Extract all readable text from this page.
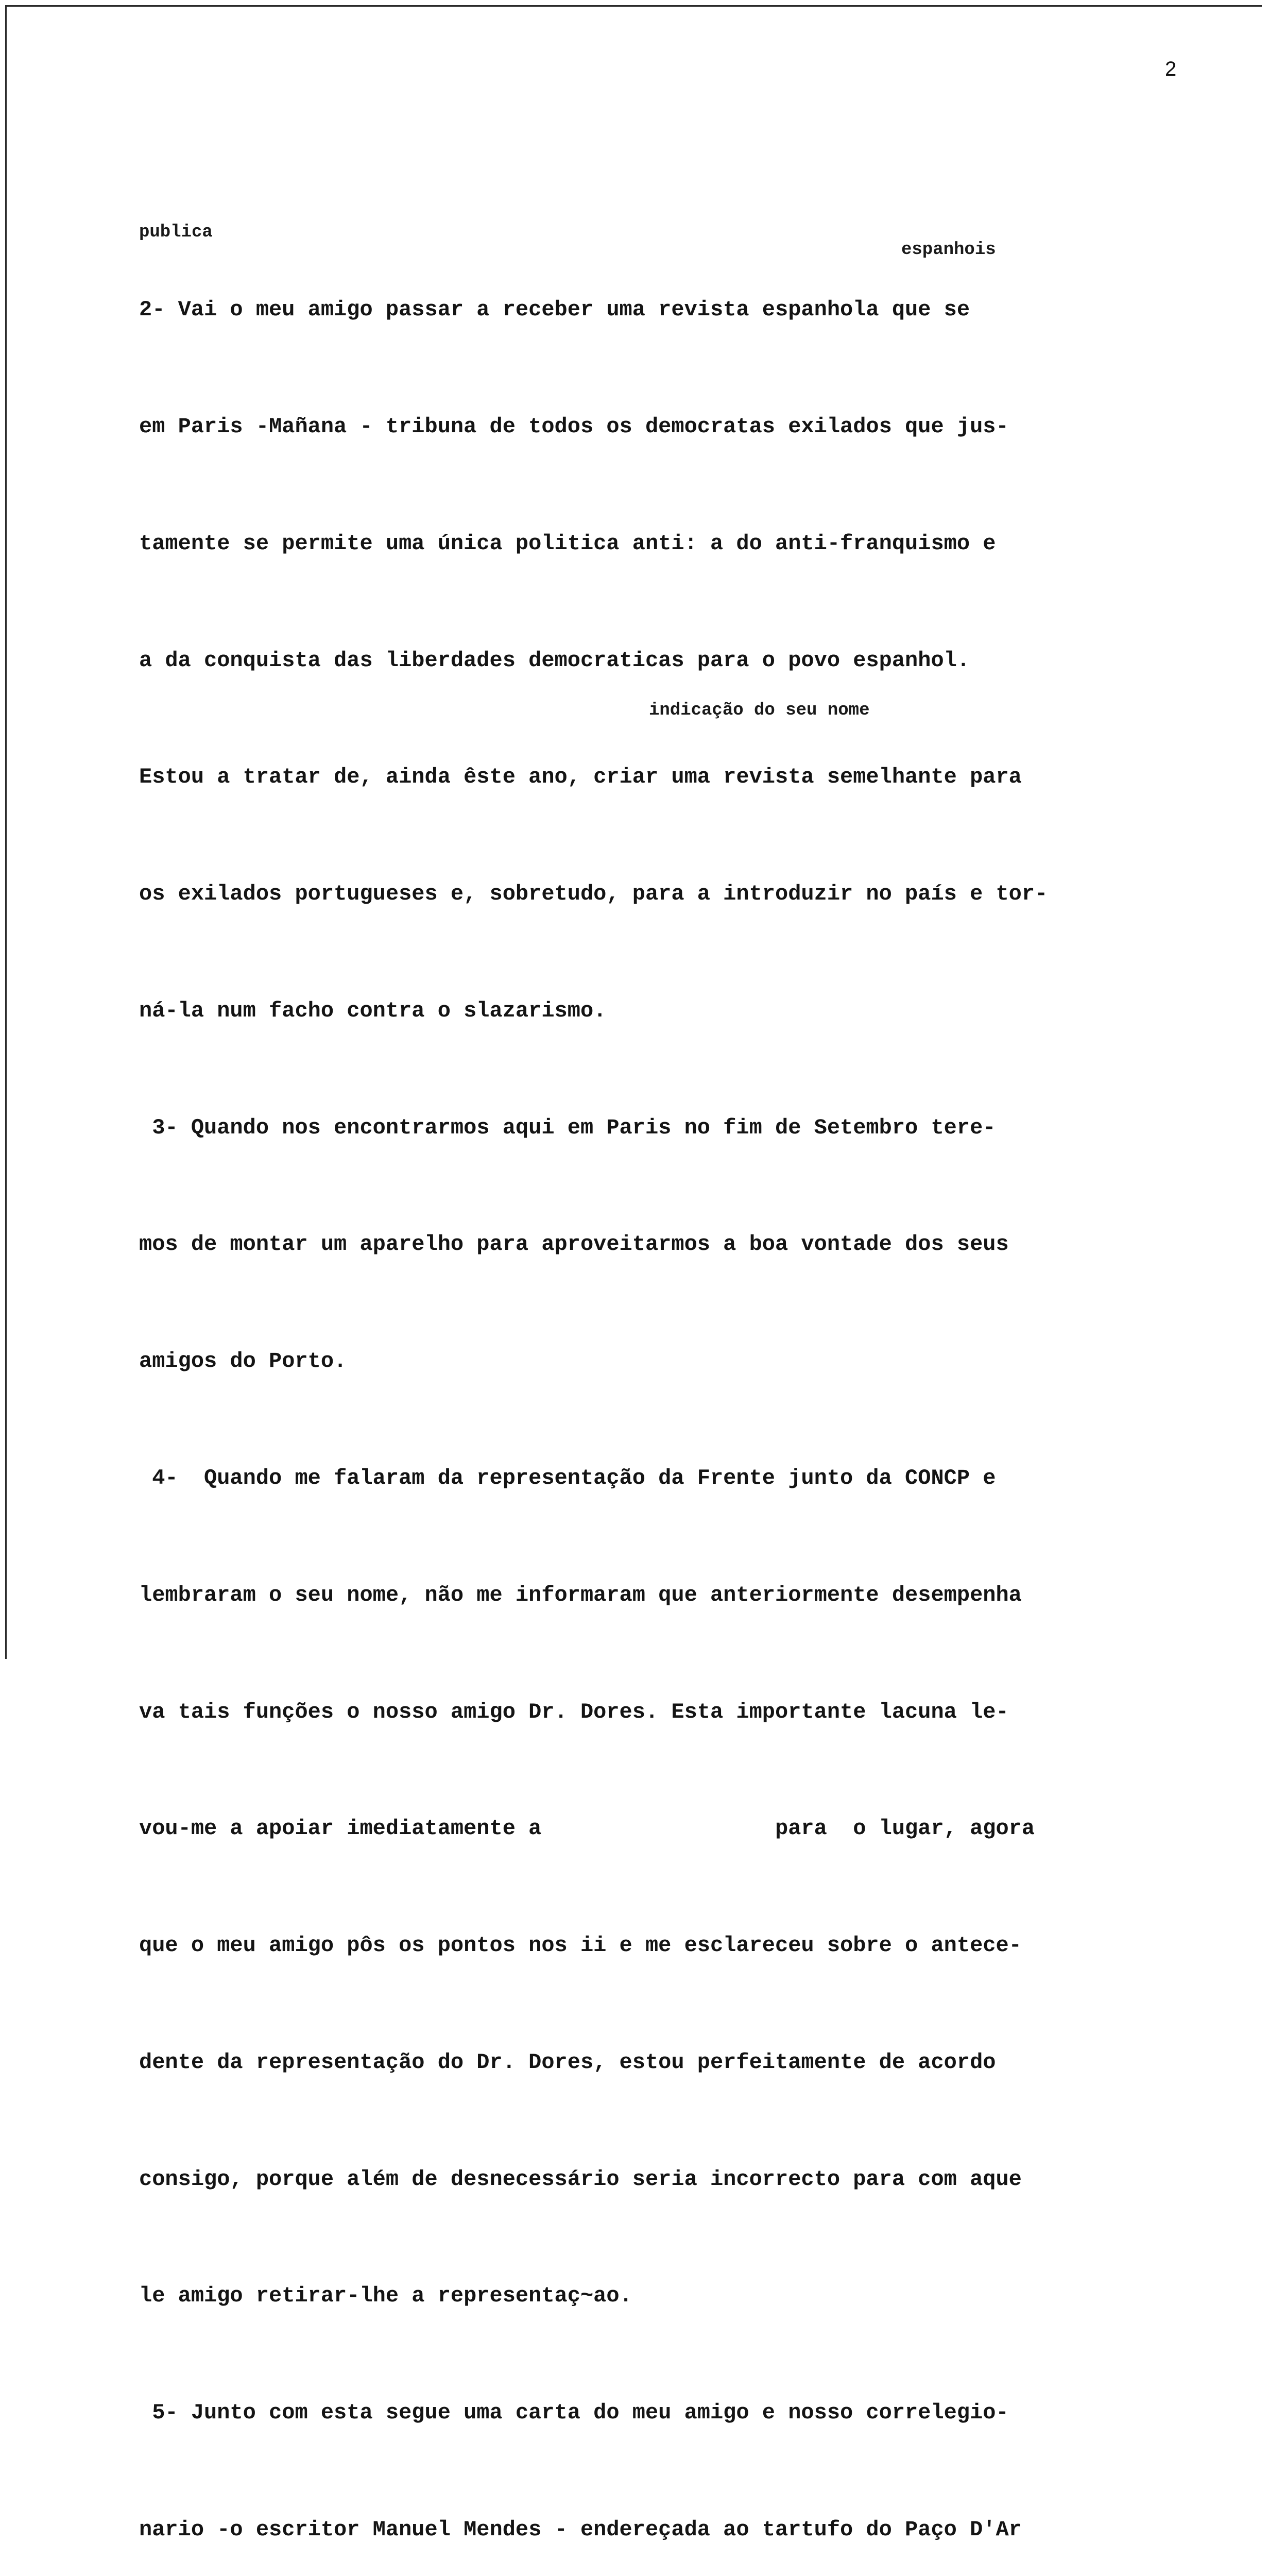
2
publica
espanhois
indicação do seu nome

2- Vai o meu amigo passar a receber uma revista espanhola que se

em Paris -Mañana - tribuna de todos os democratas exilados que jus-

tamente se permite uma única politica anti: a do anti-franquismo e

a da conquista das liberdades democraticas para o povo espanhol.

Estou a tratar de, ainda êste ano, criar uma revista semelhante para

os exilados portugueses e, sobretudo, para a introduzir no país e tor-

ná-la num facho contra o slazarismo.

3- Quando nos encontrarmos aqui em Paris no fim de Setembro tere-

mos de montar um aparelho para aproveitarmos a boa vontade dos seus

amigos do Porto.

4-  Quando me falaram da representação da Frente junto da CONCP e

lembraram o seu nome, não me informaram que anteriormente desempenha

va tais funções o nosso amigo Dr. Dores. Esta importante lacuna le-

vou-me a apoiar imediatamente a                  para  o lugar, agora

que o meu amigo pôs os pontos nos ii e me esclareceu sobre o antece-

dente da representação do Dr. Dores, estou perfeitamente de acordo

consigo, porque além de desnecessário seria incorrecto para com aque

le amigo retirar-lhe a representaç~ao.

5- Junto com esta segue uma carta do meu amigo e nosso correlegio-

nario -o escritor Manuel Mendes - endereçada ao tartufo do Paço D'Ar
